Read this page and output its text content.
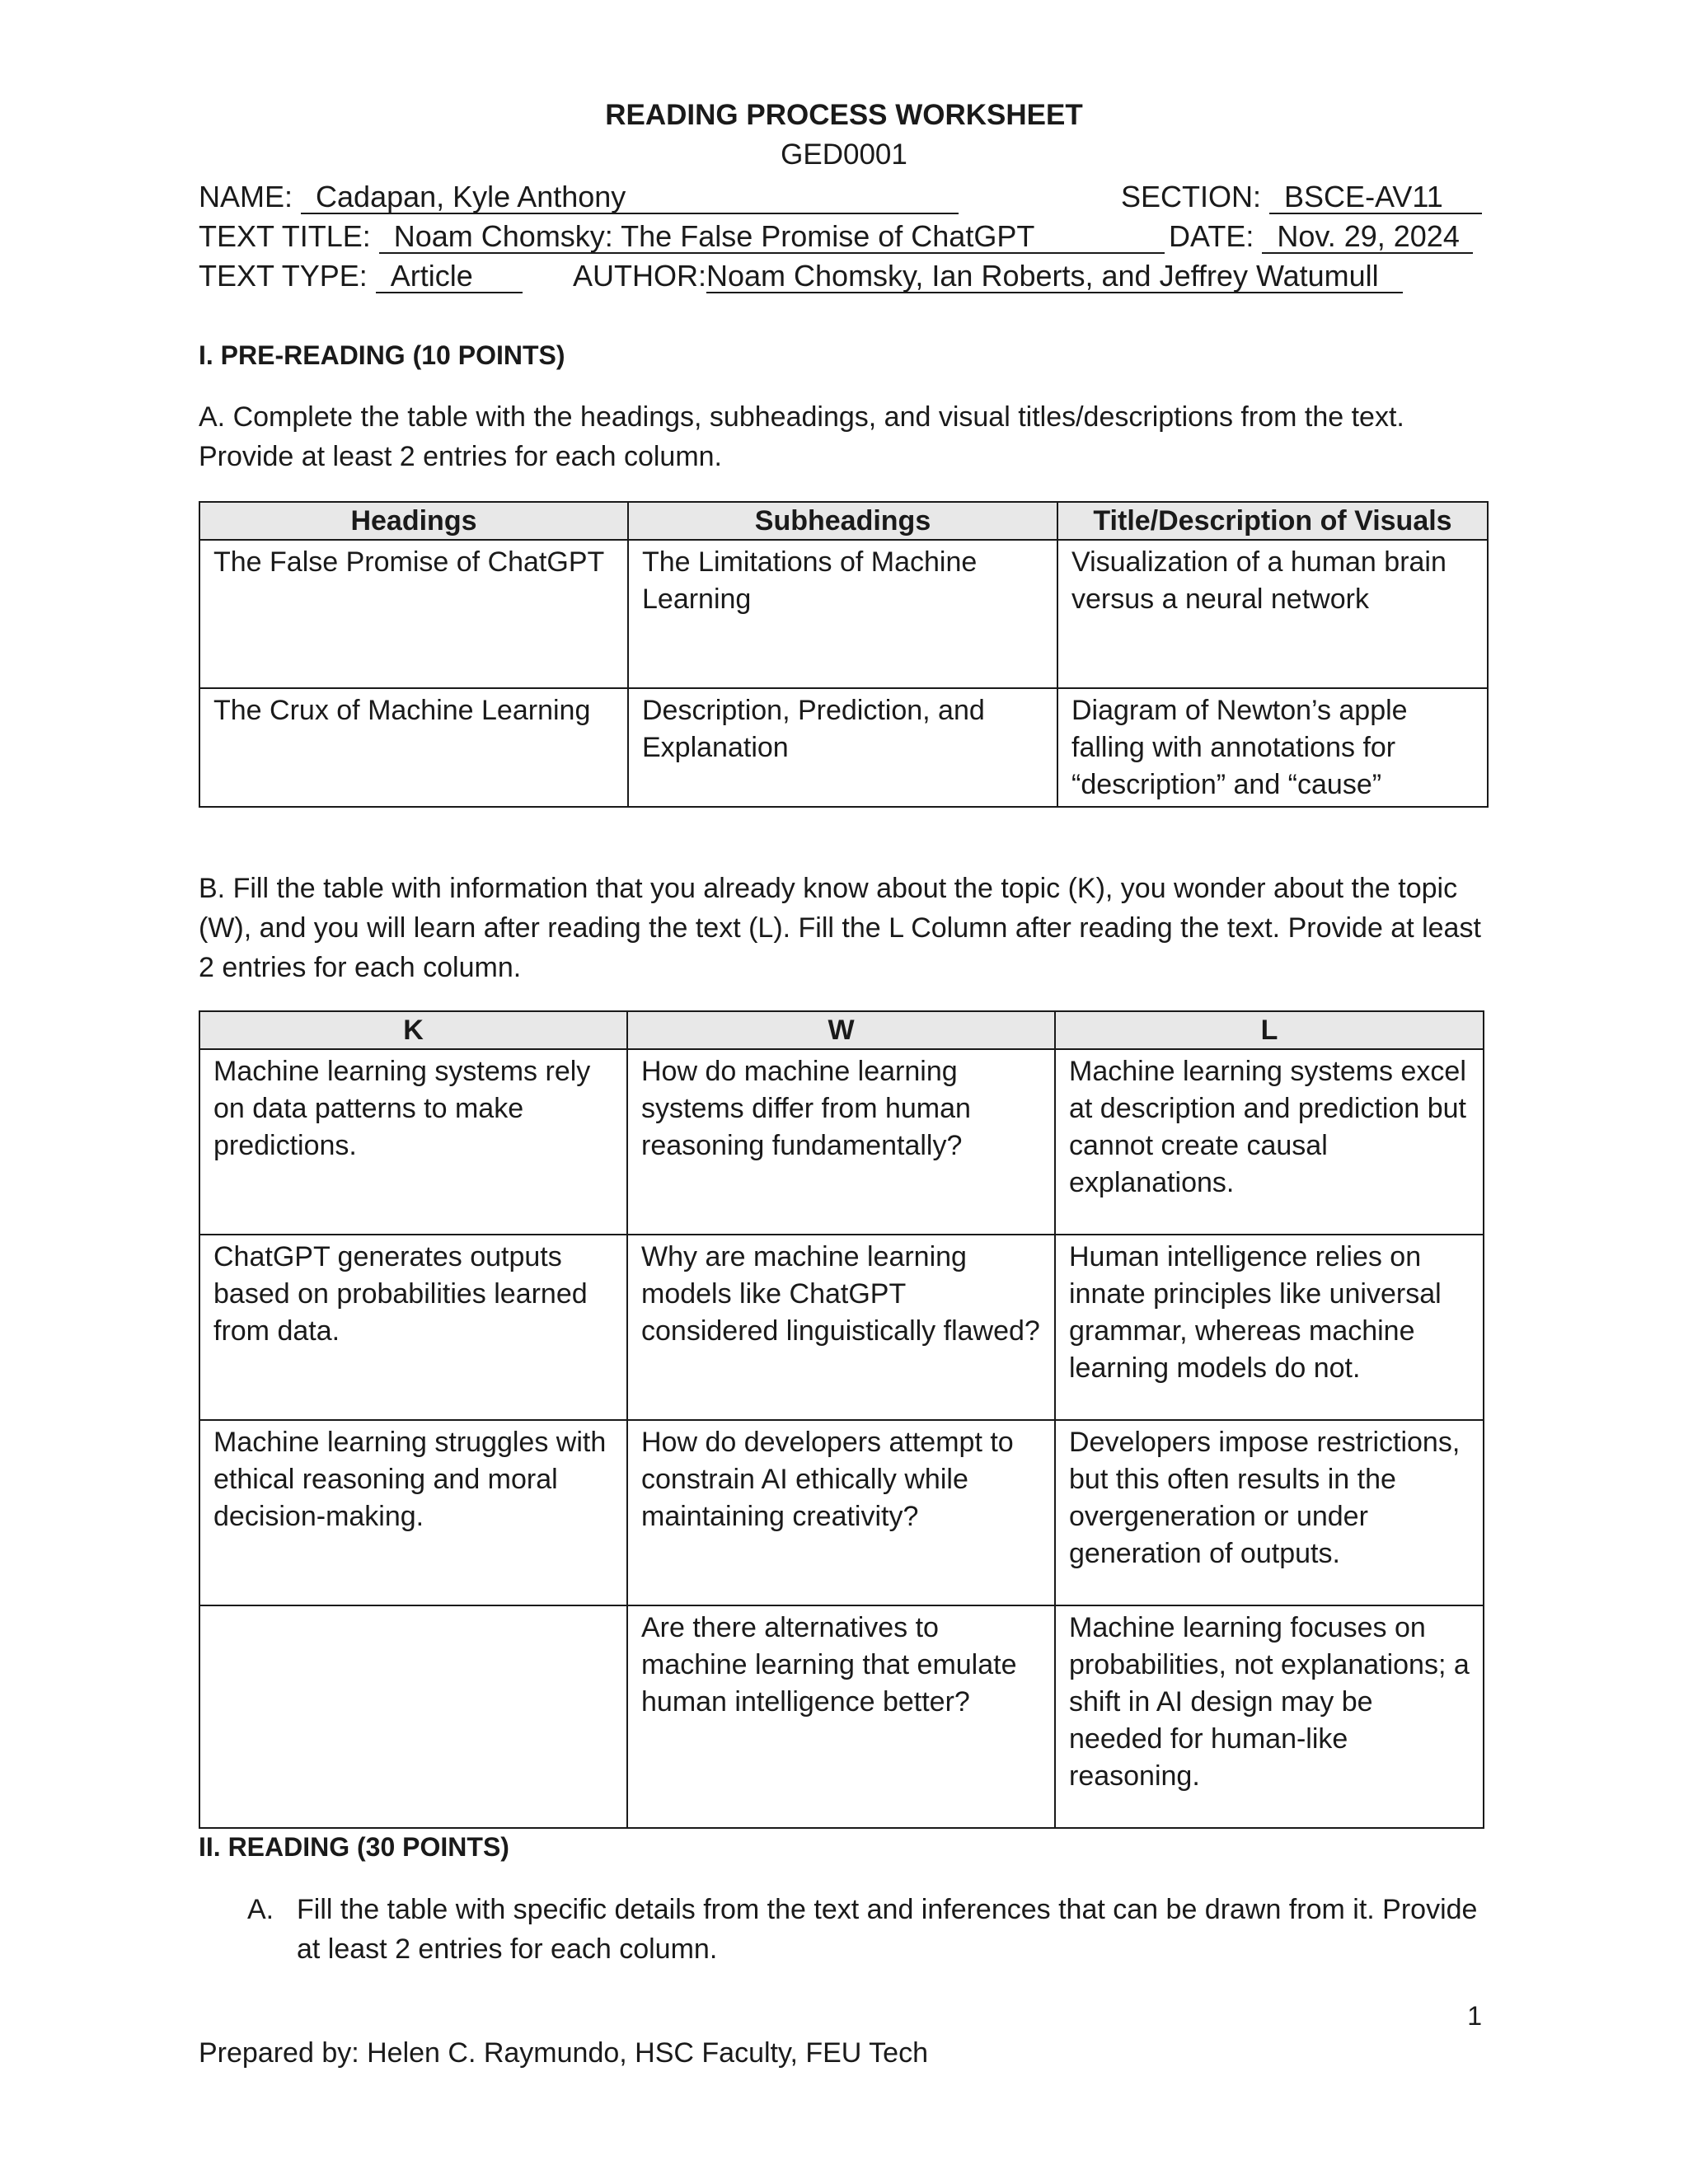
READING PROCESS WORKSHEET
GED0001
NAME: Cadapan, Kyle Anthony	SECTION: BSCE-AV11
TEXT TITLE: Noam Chomsky: The False Promise of ChatGPT	DATE: Nov. 29, 2024
TEXT TYPE: Article	AUTHOR:Noam Chomsky, Ian Roberts, and Jeffrey Watumull
I. PRE-READING (10 POINTS)
A. Complete the table with the headings, subheadings, and visual titles/descriptions from the text. Provide at least 2 entries for each column.
Headings	Subheadings	Title/Description of Visuals
The False Promise of ChatGPT	The Limitations of Machine Learning	Visualization of a human brain versus a neural network
The Crux of Machine Learning	Description, Prediction, and Explanation	Diagram of Newton’s apple falling with annotations for “description” and “cause”
B. Fill the table with information that you already know about the topic (K), you wonder about the topic (W), and you will learn after reading the text (L). Fill the L Column after reading the text. Provide at least 2 entries for each column.
K	W	L
Machine learning systems rely on data patterns to make predictions.	How do machine learning systems differ from human reasoning fundamentally?	Machine learning systems excel at description and prediction but cannot create causal explanations.
ChatGPT generates outputs based on probabilities learned from data.	Why are machine learning models like ChatGPT considered linguistically flawed?	Human intelligence relies on innate principles like universal grammar, whereas machine learning models do not.
Machine learning struggles with ethical reasoning and moral decision-making.	How do developers attempt to constrain AI ethically while maintaining creativity?	Developers impose restrictions, but this often results in the overgeneration or under generation of outputs.
	Are there alternatives to machine learning that emulate human intelligence better?	Machine learning focuses on probabilities, not explanations; a shift in AI design may be needed for human-like reasoning.
II. READING (30 POINTS)
A. Fill the table with specific details from the text and inferences that can be drawn from it. Provide at least 2 entries for each column.
1
Prepared by: Helen C. Raymundo, HSC Faculty, FEU Tech
